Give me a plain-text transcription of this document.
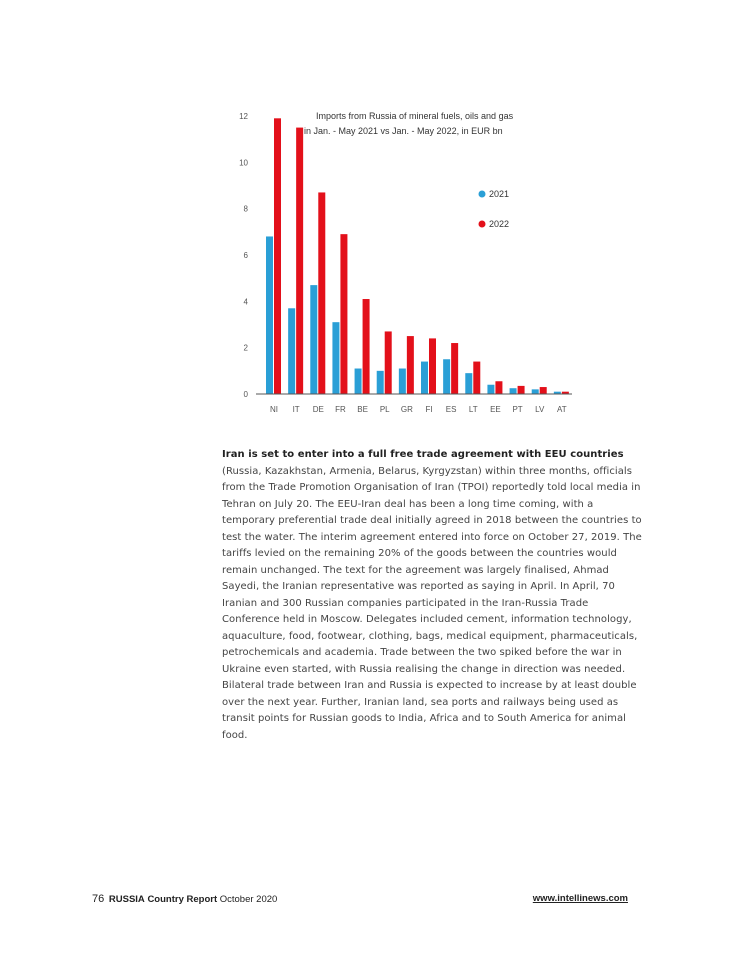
0
2
4
6
8
10
12
NI IT DE FR BE PL GR FI ES LT EE PT LV AT
Imports from Russia of mineral fuels, oils and gas
in Jan. - May 2021 vs Jan. - May 2022, in EUR bn
2021
2022

Iran is set to enter into a full free trade agreement with EEU countries (Russia, Kazakhstan, Armenia, Belarus, Kyrgyzstan) within three months, officials from the Trade Promotion Organisation of Iran (TPOI) reportedly told local media in Tehran on July 20. The EEU-Iran deal has been a long time coming, with a temporary preferential trade deal initially agreed in 2018 between the countries to test the water. The interim agreement entered into force on October 27, 2019. The tariffs levied on the remaining 20% of the goods between the countries would remain unchanged. The text for the agreement was largely finalised, Ahmad Sayedi, the Iranian representative was reported as saying in April. In April, 70 Iranian and 300 Russian companies participated in the Iran-Russia Trade Conference held in Moscow. Delegates included cement, information technology, aquaculture, food, footwear, clothing, bags, medical equipment, pharmaceuticals, petrochemicals and academia. Trade between the two spiked before the war in Ukraine even started, with Russia realising the change in direction was needed. Bilateral trade between Iran and Russia is expected to increase by at least double over the next year. Further, Iranian land, sea ports and railways being used as transit points for Russian goods to India, Africa and to South America for animal food.

76 RUSSIA Country Report October 2020	www.intellinews.com
